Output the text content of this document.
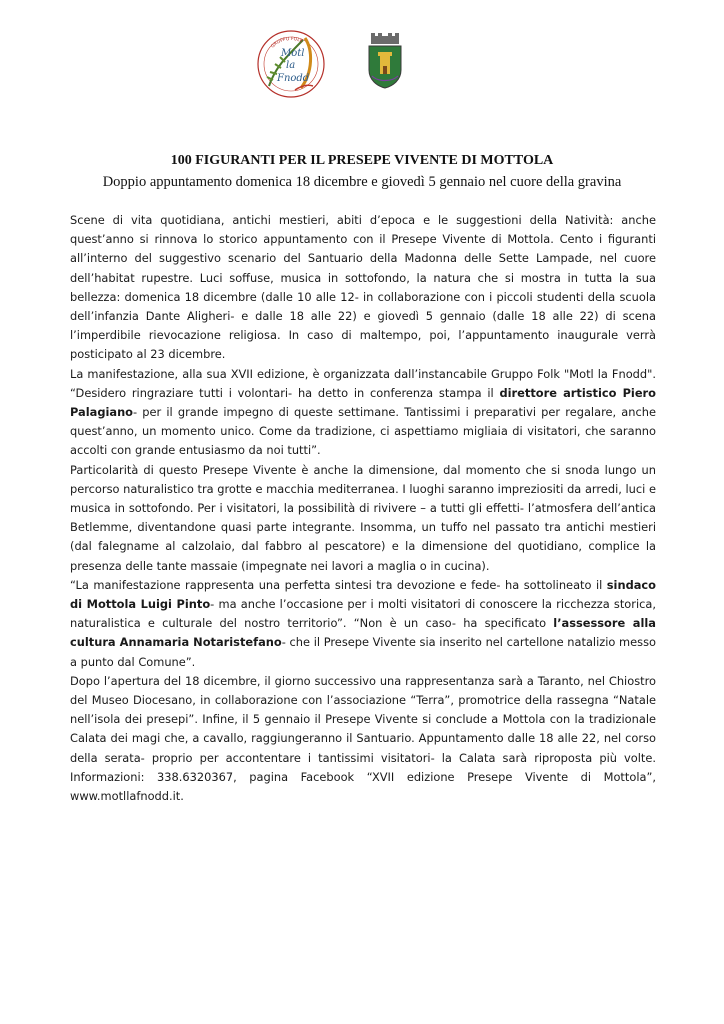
Motl
la
Fnodd
GRUPPO FOLK
100 FIGURANTI PER IL PRESEPE VIVENTE DI MOTTOLA
Doppio appuntamento domenica 18 dicembre e giovedì 5 gennaio nel cuore della gravina

Scene di vita quotidiana, antichi mestieri, abiti d’epoca e le suggestioni della Natività: anche quest’anno si rinnova lo storico appuntamento con il Presepe Vivente di Mottola. Cento i figuranti all’interno del suggestivo scenario del Santuario della Madonna delle Sette Lampade, nel cuore dell’habitat rupestre. Luci soffuse, musica in sottofondo, la natura che si mostra in tutta la sua bellezza: domenica 18 dicembre (dalle 10 alle 12- in collaborazione con i piccoli studenti della scuola dell’infanzia Dante Aligheri- e dalle 18 alle 22) e giovedì 5 gennaio (dalle 18 alle 22) di scena l’imperdibile rievocazione religiosa. In caso di maltempo, poi, l’appuntamento inaugurale verrà posticipato al 23 dicembre.

La manifestazione, alla sua XVII edizione, è organizzata dall’instancabile Gruppo Folk "Motl la Fnodd". “Desidero ringraziare tutti i volontari- ha detto in conferenza stampa il direttore artistico Piero Palagiano- per il grande impegno di queste settimane. Tantissimi i preparativi per regalare, anche quest’anno, un momento unico. Come da tradizione, ci aspettiamo migliaia di visitatori, che saranno accolti con grande entusiasmo da noi tutti”.

Particolarità di questo Presepe Vivente è anche la dimensione, dal momento che si snoda lungo un percorso naturalistico tra grotte e macchia mediterranea. I luoghi saranno impreziositi da arredi, luci e musica in sottofondo. Per i visitatori, la possibilità di rivivere – a tutti gli effetti- l’atmosfera dell’antica Betlemme, diventandone quasi parte integrante. Insomma, un tuffo nel passato tra antichi mestieri (dal falegname al calzolaio, dal fabbro al pescatore) e la dimensione del quotidiano, complice la presenza delle tante massaie (impegnate nei lavori a maglia o in cucina).

“La manifestazione rappresenta una perfetta sintesi tra devozione e fede- ha sottolineato il sindaco di Mottola Luigi Pinto- ma anche l’occasione per i molti visitatori di conoscere la ricchezza storica, naturalistica e culturale del nostro territorio”. “Non è un caso- ha specificato l’assessore alla cultura Annamaria Notaristefano- che il Presepe Vivente sia inserito nel cartellone natalizio messo a punto dal Comune”.

Dopo l’apertura del 18 dicembre, il giorno successivo una rappresentanza sarà a Taranto, nel Chiostro del Museo Diocesano, in collaborazione con l’associazione “Terra”, promotrice della rassegna “Natale nell’isola dei presepi”. Infine, il 5 gennaio il Presepe Vivente si conclude a Mottola con la tradizionale Calata dei magi che, a cavallo, raggiungeranno il Santuario. Appuntamento dalle 18 alle 22, nel corso della serata- proprio per accontentare i tantissimi visitatori- la Calata sarà riproposta più volte. Informazioni: 338.6320367, pagina Facebook “XVII edizione Presepe Vivente di Mottola”, www.motllafnodd.it.
